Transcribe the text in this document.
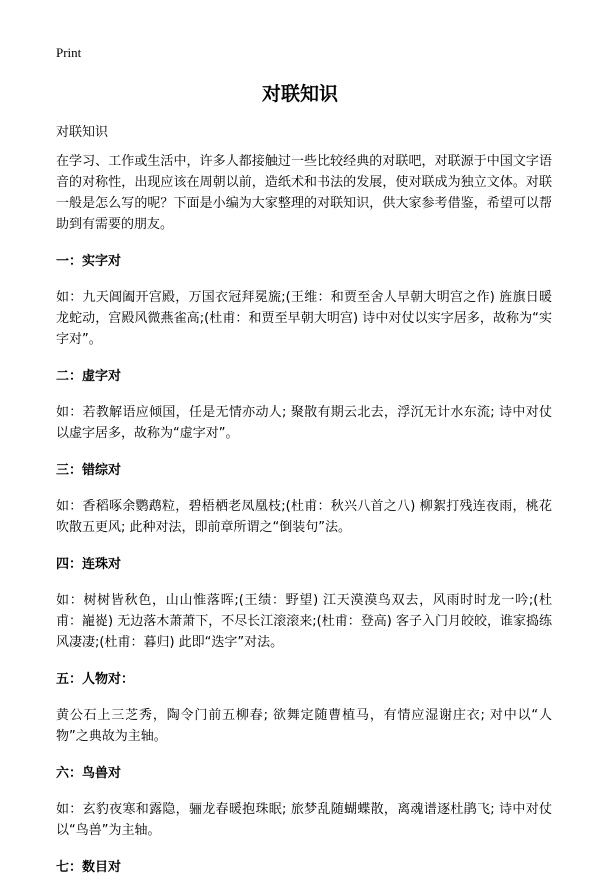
Print
对联知识
对联知识

在学习、工作或生活中，许多人都接触过一些比较经典的对联吧，对联源于中国文字语音的对称性，出现应该在周朝以前，造纸术和书法的发展，使对联成为独立文体。对联一般是怎么写的呢？下面是小编为大家整理的对联知识，供大家参考借鉴，希望可以帮助到有需要的朋友。

一：实字对

如：九天阊阖开宫殿，万国衣冠拜冕旒;(王维：和贾至舍人早朝大明宫之作) 旌旗日暖龙蛇动，宫殿风微燕雀高;(杜甫：和贾至早朝大明宫) 诗中对仗以实字居多，故称为“实字对”。

二：虚字对

如：若教解语应倾国，任是无情亦动人; 聚散有期云北去，浮沉无计水东流; 诗中对仗以虚字居多，故称为“虚字对”。

三：错综对

如：香稻啄余鹦鹉粒，碧梧栖老凤凰枝;(杜甫：秋兴八首之八) 柳絮打残连夜雨，桃花吹散五更风; 此种对法，即前章所谓之“倒装句”法。

四：连珠对

如：树树皆秋色，山山惟落晖;(王绩：野望) 江天漠漠鸟双去，风雨时时龙一吟;(杜甫：巃嵸) 无边落木萧萧下，不尽长江滚滚来;(杜甫：登高) 客子入门月皎皎，谁家捣练风凄凄;(杜甫：暮归) 此即“迭字”对法。

五：人物对：

黄公石上三芝秀，陶令门前五柳春; 欲舞定随曹植马，有情应湿谢庄衣; 对中以“人物”之典故为主轴。

六：鸟兽对

如：玄豹夜寒和露隐，骊龙春暖抱珠眠; 旅梦乱随蝴蝶散，离魂谱逐杜鹃飞; 诗中对仗以“鸟兽”为主轴。

七：数目对
